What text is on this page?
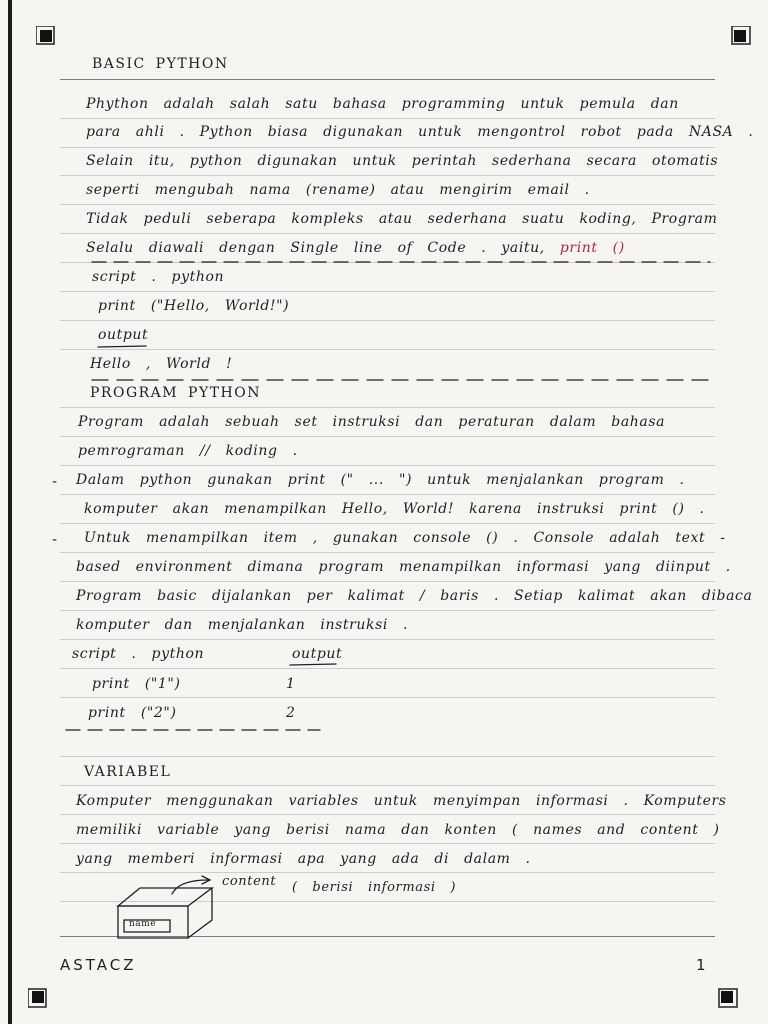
BASIC PYTHON
Phython adalah salah satu bahasa programming untuk pemula dan
para ahli . Python biasa digunakan untuk mengontrol robot pada NASA .
Selain itu, python digunakan untuk perintah sederhana secara otomatis
seperti mengubah nama (rename) atau mengirim email .
Tidak peduli seberapa kompleks atau sederhana suatu koding, Program
Selalu diawali dengan Single line of Code . yaitu, print ()
script . python
print ("Hello, World!")
output
Hello , World !
PROGRAM PYTHON
Program adalah sebuah set instruksi dan peraturan dalam bahasa
pemrograman // koding .
- Dalam python gunakan print (" ... ") untuk menjalankan program .
komputer akan menampilkan Hello, World! karena instruksi print () .
- Untuk menampilkan item , gunakan console () . Console adalah text -
based environment dimana program menampilkan informasi yang diinput .
Program basic dijalankan per kalimat / baris . Setiap kalimat akan dibaca
komputer dan menjalankan instruksi .
script . python	output
print ("1")	1
print ("2")	2
VARIABEL
Komputer menggunakan variables untuk menyimpan informasi . Komputers
memiliki variable yang berisi nama dan konten ( names and content )
yang memberi informasi apa yang ada di dalam .
content ( berisi informasi )
name
ASTACZ	1
